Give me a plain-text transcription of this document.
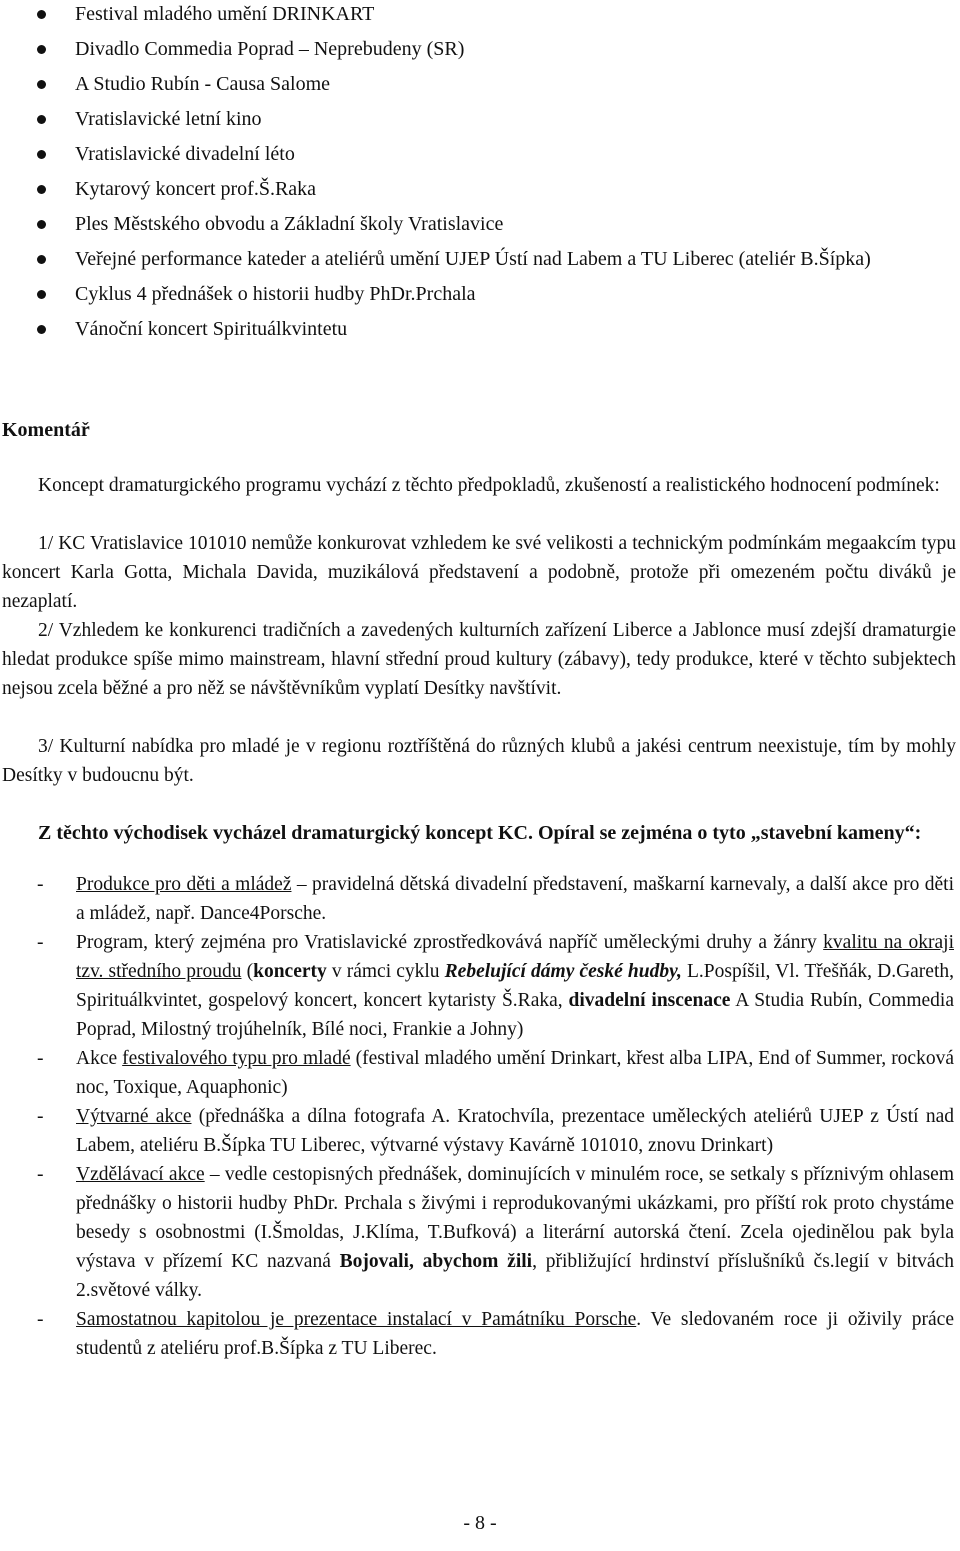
Festival mladého umění DRINKART
Divadlo Commedia Poprad – Neprebudeny (SR)
A Studio Rubín - Causa Salome
Vratislavické letní kino
Vratislavické divadelní léto
Kytarový koncert prof.Š.Raka
Ples Městského obvodu a Základní školy Vratislavice
Veřejné performance kateder a ateliérů umění UJEP Ústí nad Labem a TU Liberec (ateliér B.Šípka)
Cyklus 4 přednášek o historii hudby PhDr.Prchala
Vánoční koncert Spirituálkvintetu
Komentář
Koncept dramaturgického programu vychází z těchto předpokladů, zkušeností a realistického hodnocení podmínek:
1/ KC Vratislavice 101010 nemůže konkurovat vzhledem ke své velikosti a technickým podmínkám megaakcím typu koncert Karla Gotta, Michala Davida, muzikálová představení a podobně, protože při omezeném počtu diváků je nezaplatí.
2/ Vzhledem ke konkurenci tradičních a zavedených kulturních zařízení Liberce a Jablonce musí zdejší dramaturgie hledat produkce spíše mimo mainstream, hlavní střední proud kultury (zábavy), tedy produkce, které v těchto subjektech nejsou zcela běžné a pro něž se návštěvníkům vyplatí Desítky navštívit.
3/ Kulturní nabídka pro mladé je v regionu roztříštěná do různých klubů a jakési centrum neexistuje, tím by mohly Desítky v budoucnu být.
Z těchto východisek vycházel dramaturgický koncept KC. Opíral se zejména o tyto „stavební kameny“:
- Produkce pro děti a mládež – pravidelná dětská divadelní představení, maškarní karnevaly, a další akce pro děti a mládež, např. Dance4Porsche.
- Program, který zejména pro Vratislavické zprostředkovává napříč uměleckými druhy a žánry kvalitu na okraji tzv. středního proudu (koncerty v rámci cyklu Rebelující dámy české hudby, L.Pospíšil, Vl. Třešňák, D.Gareth, Spirituálkvintet, gospelový koncert, koncert kytaristy Š.Raka, divadelní inscenace A Studia Rubín, Commedia Poprad, Milostný trojúhelník, Bílé noci, Frankie a Johny)
- Akce festivalového typu pro mladé (festival mladého umění Drinkart, křest alba LIPA, End of Summer, rocková noc, Toxique, Aquaphonic)
- Výtvarné akce (přednáška a dílna fotografa A. Kratochvíla, prezentace uměleckých ateliérů UJEP z Ústí nad Labem, ateliéru B.Šípka TU Liberec, výtvarné výstavy Kavárně 101010, znovu Drinkart)
- Vzdělávací akce – vedle cestopisných přednášek, dominujících v minulém roce, se setkaly s příznivým ohlasem přednášky o historii hudby PhDr. Prchala s živými i reprodukovanými ukázkami, pro příští rok proto chystáme besedy s osobnostmi (I.Šmoldas, J.Klíma, T.Bufková) a literární autorská čtení. Zcela ojedinělou pak byla výstava v přízemí KC nazvaná Bojovali, abychom žili, přibližující hrdinství příslušníků čs.legií v bitvách 2.světové války.
- Samostatnou kapitolou je prezentace instalací v Památníku Porsche. Ve sledovaném roce ji oživily práce studentů z ateliéru prof.B.Šípka z TU Liberec.
- 8 -
